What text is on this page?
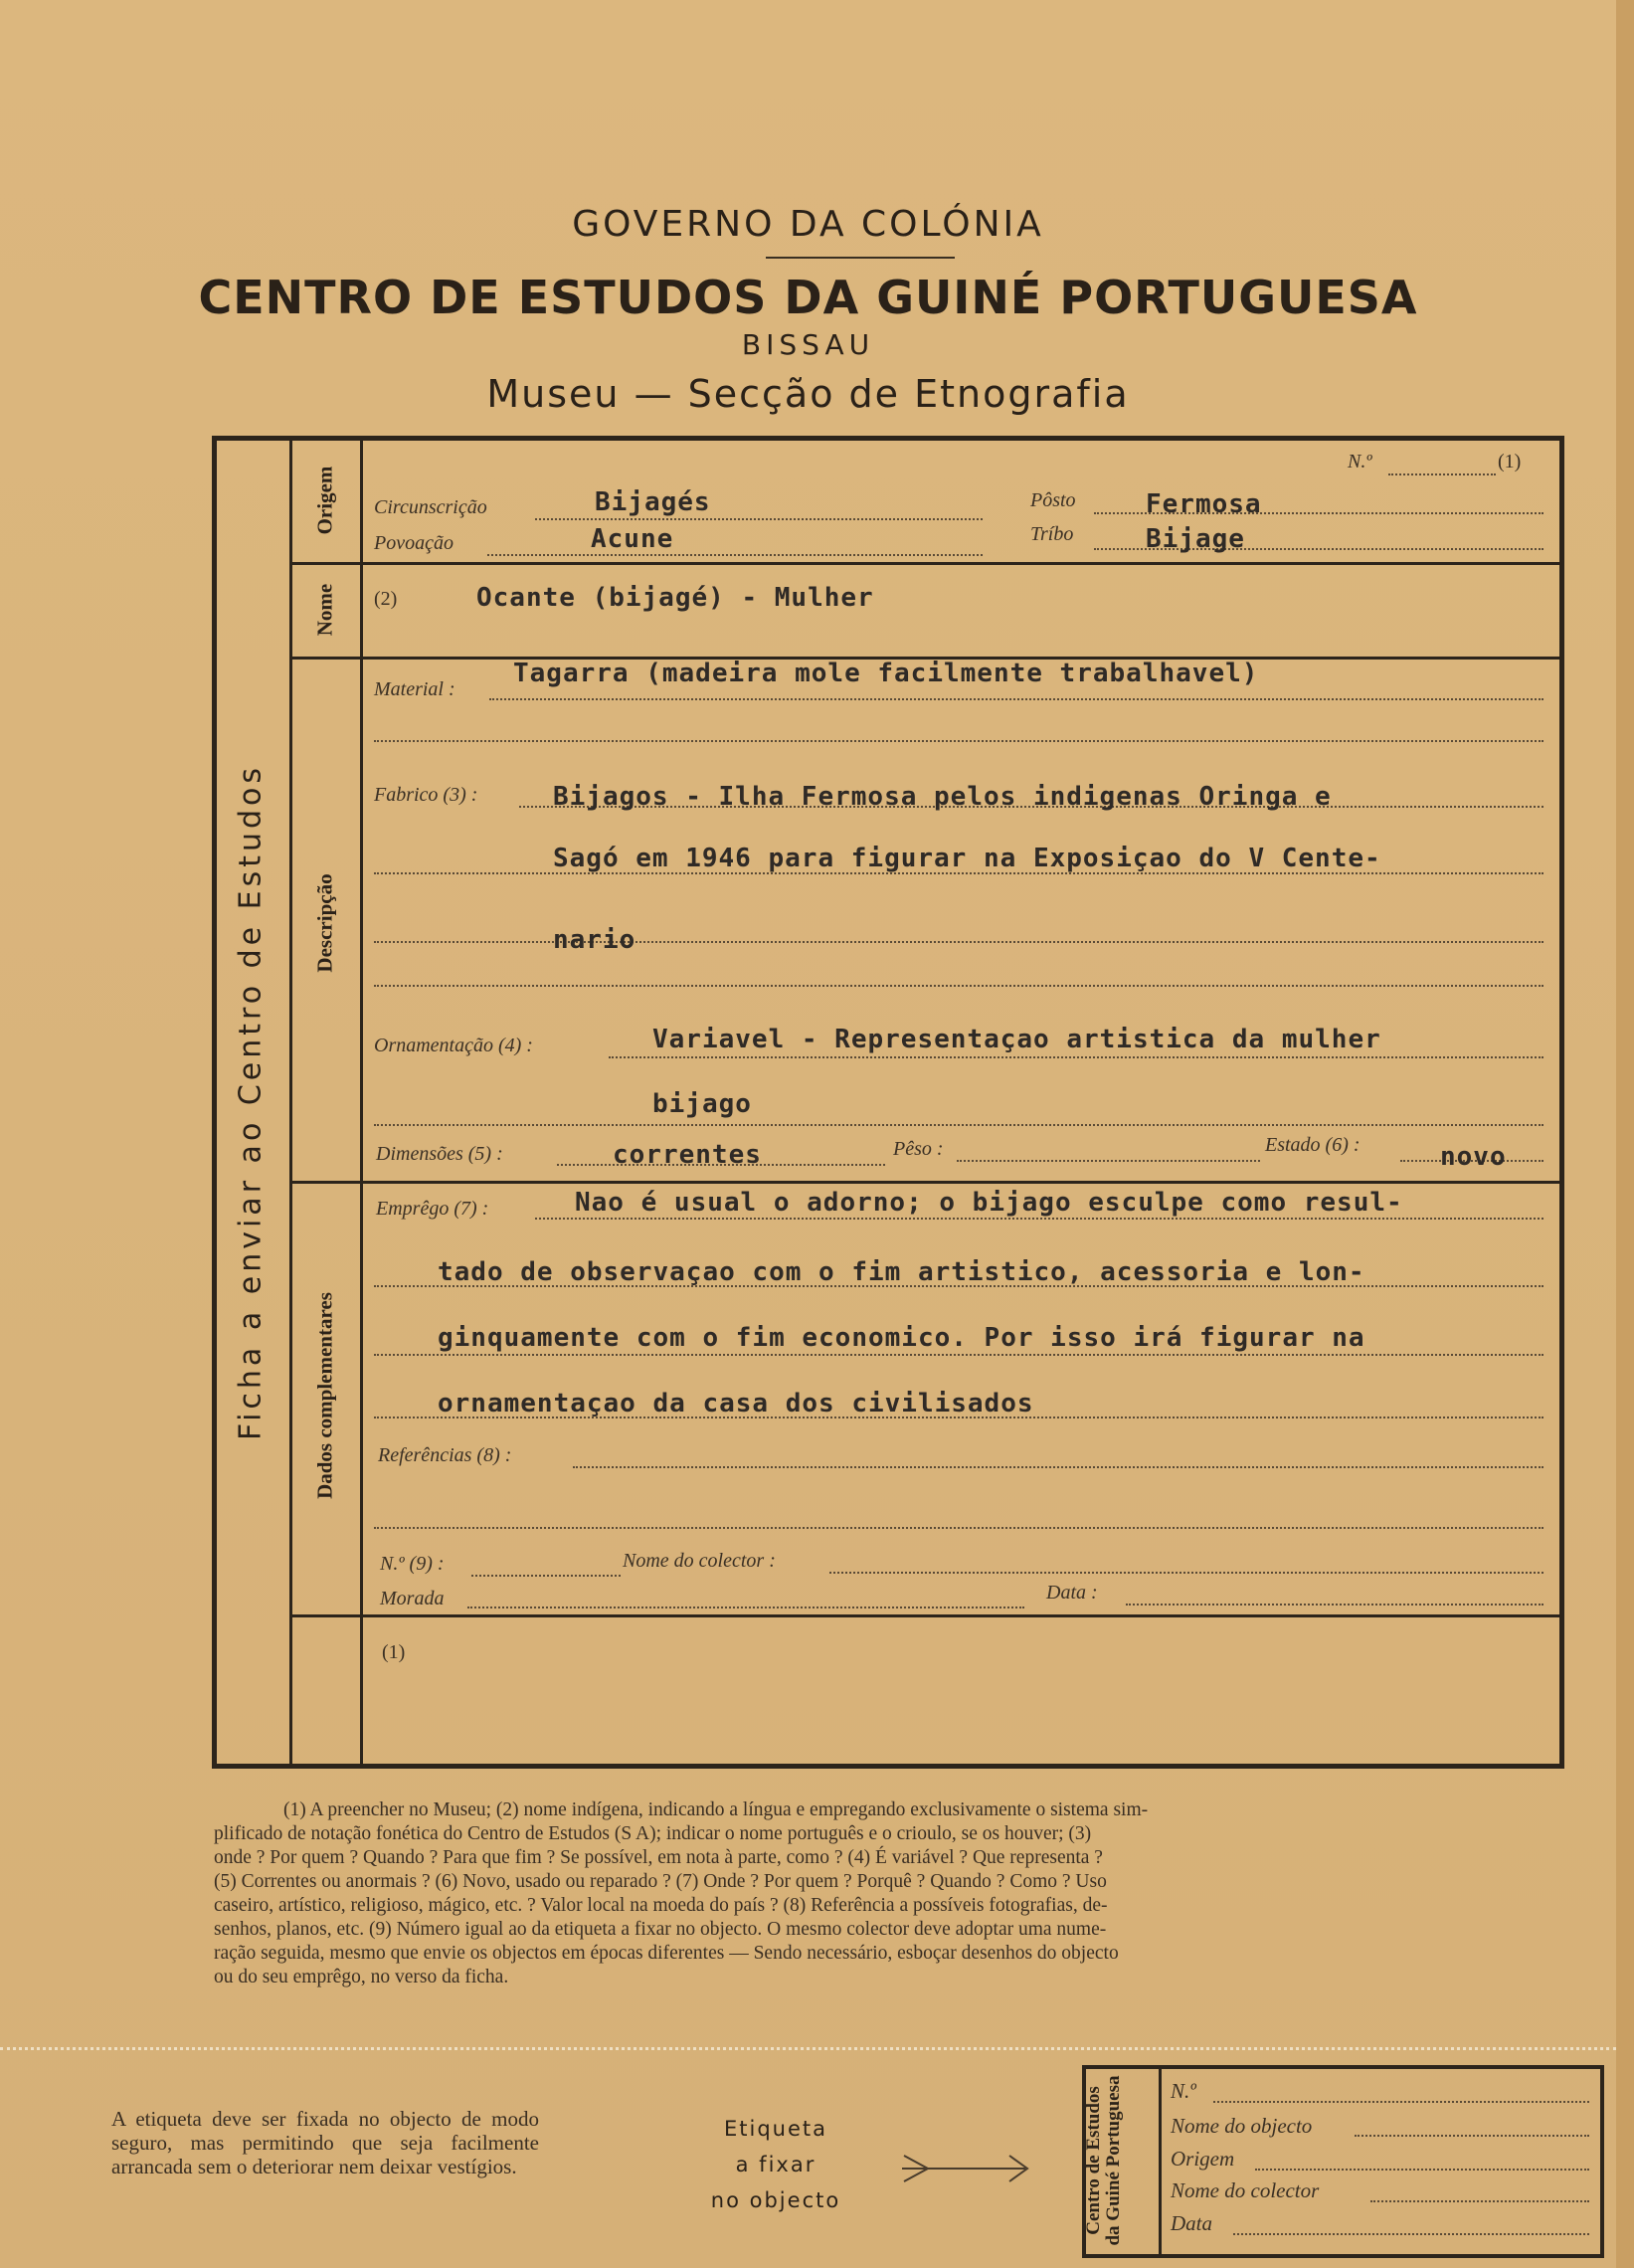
GOVERNO DA COLÓNIA
CENTRO DE ESTUDOS DA GUINÉ PORTUGUESA
BISSAU
Museu — Secção de Etnografia
Ficha a enviar ao Centro de Estudos
Origem
Nome
Descripção
Dados complementares
N.º	(1)
Circunscrição	Bijagés	Pôsto	Fermosa
Povoação	Acune	Tríbo	Bijage
(2)	Ocante (bijagé) - Mulher
Material :
Tagarra (madeira mole facilmente trabalhavel)
Fabrico (3) :	Bijagos - Ilha Fermosa pelos indigenas Oringa e
Sagó em 1946 para figurar na Exposiçao do V Cente-
nario
Ornamentação (4) :	Variavel - Representaçao artistica da mulher
bijago
Dimensões (5) :	correntes	Pêso :	Estado (6) :	novo
Emprêgo (7) :	Nao é usual o adorno; o bijago esculpe como resul-
tado de observaçao com o fim artistico, acessoria e lon-
ginquamente com o fim economico. Por isso irá figurar na
ornamentaçao da casa dos civilisados
Referências (8) :
N.º (9) :	Nome do colector :
Morada	Data :
(1)

(1) A preencher no Museu; (2) nome indígena, indicando a língua e empregando exclusivamente o sistema sim-

plificado de notação fonética do Centro de Estudos (S A); indicar o nome português e o crioulo, se os houver; (3)

onde ? Por quem ? Quando ? Para que fim ? Se possível, em nota à parte, como ? (4) É variável ? Que representa ?

(5) Correntes ou anormais ? (6) Novo, usado ou reparado ? (7) Onde ? Por quem ? Porquê ? Quando ? Como ? Uso

caseiro, artístico, religioso, mágico, etc. ? Valor local na moeda do país ? (8) Referência a possíveis fotografias, de-

senhos, planos, etc. (9) Número igual ao da etiqueta a fixar no objecto. O mesmo colector deve adoptar uma nume-

ração seguida, mesmo que envie os objectos em épocas diferentes — Sendo necessário, esboçar desenhos do objecto

ou do seu emprêgo, no verso da ficha.

A etiqueta deve ser fixada no objecto de modo seguro, mas permitindo que seja facilmente arrancada sem o deteriorar nem deixar vestígios.
Etiqueta
a fixar
no objecto	Centro de Estudos da Guiné Portuguesa N.º
Nome do objecto
Origem
Nome do colector
Data
